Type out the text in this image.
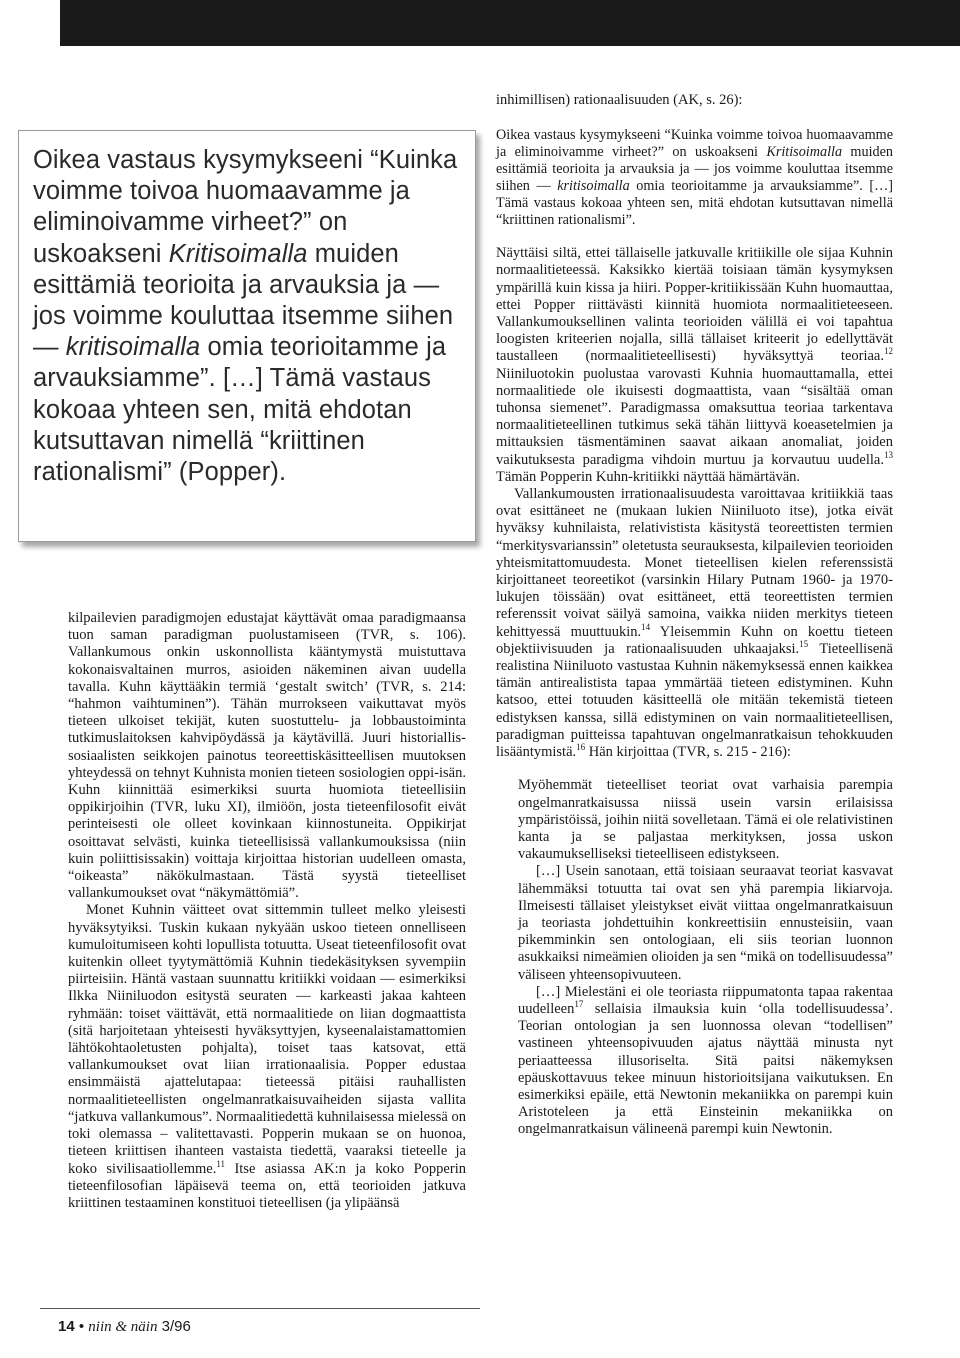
Oikea vastaus kysymykseeni “Kuinka voimme toivoa huomaavamme ja eliminoivamme virheet?” on uskoakseni Kritisoimalla muiden esittämiä teorioita ja arvauksia ja — jos voimme kouluttaa itsemme siihen — kritisoimalla omia teorioitamme ja arvauksiamme”. […] Tämä vastaus kokoaa yhteen sen, mitä ehdotan kutsuttavan nimellä “kriittinen rationalismi” (Popper).

kilpailevien paradigmojen edustajat käyttävät omaa paradigmaansa tuon saman paradigman puolustamiseen (TVR, s. 106). Vallankumous onkin uskonnollista kääntymystä muistuttava kokonaisvaltainen murros, asioiden näkeminen aivan uudella tavalla. Kuhn käyttääkin termiä ‘gestalt switch’ (TVR, s. 214: “hahmon vaihtuminen”). Tähän murrokseen vaikuttavat myös tieteen ulkoiset tekijät, kuten suostuttelu- ja lobbaustoiminta tutkimuslaitoksen kahvipöydässä ja käytävillä. Juuri historiallis-sosiaalisten seikkojen painotus teoreettiskäsitteellisen muutoksen yhteydessä on tehnyt Kuhnista monien tieteen sosiologien oppi-isän. Kuhn kiinnittää esimerkiksi suurta huomiota tieteellisiin oppikirjoihin (TVR, luku XI), ilmiöön, josta tieteenfilosofit eivät perinteisesti ole olleet kovinkaan kiinnostuneita. Oppikirjat osoittavat selvästi, kuinka tieteellisissä vallankumouksissa (niin kuin poliittisissakin) voittaja kirjoittaa historian uudelleen omasta, “oikeasta” näkökulmastaan. Tästä syystä tieteelliset vallankumoukset ovat “näkymättömiä”.

Monet Kuhnin väitteet ovat sittemmin tulleet melko yleisesti hyväksytyiksi. Tuskin kukaan nykyään uskoo tieteen onnelliseen kumuloitumiseen kohti lopullista totuutta. Useat tieteenfilosofit ovat kuitenkin olleet tyytymättömiä Kuhnin tiedekäsityksen syvempiin piirteisiin. Häntä vastaan suunnattu kritiikki voidaan — esimerkiksi Ilkka Niiniluodon esitystä seuraten — karkeasti jakaa kahteen ryhmään: toiset väittävät, että normaalitiede on liian dogmaattista (sitä harjoitetaan yhteisesti hyväksyttyjen, kyseenalaistamattomien lähtökohtaoletusten pohjalta), toiset taas katsovat, että vallankumoukset ovat liian irrationaalisia. Popper edustaa ensimmäistä ajattelutapaa: tieteessä pitäisi rauhallisten normaalitieteellisten ongelmanratkaisuvaiheiden sijasta vallita “jatkuva vallankumous”. Normaalitiedettä kuhnilaisessa mielessä on toki olemassa – valitettavasti. Popperin mukaan se on huonoa, tieteen kriittisen ihanteen vastaista tiedettä, vaaraksi tieteelle ja koko sivilisaatiollemme.$^{11}$ Itse asiassa AK:n ja koko Popperin tieteenfilosofian läpäisevä teema on, että teorioiden jatkuva kriittinen testaaminen konstituoi tieteellisen (ja ylipäänsä

inhimillisen) rationaalisuuden (AK, s. 26):

Oikea vastaus kysymykseeni “Kuinka voimme toivoa huomaavamme ja eliminoivamme virheet?” on uskoakseni Kritisoimalla muiden esittämiä teorioita ja arvauksia ja — jos voimme kouluttaa itsemme siihen — kritisoimalla omia teorioitamme ja arvauksiamme”. […] Tämä vastaus kokoaa yhteen sen, mitä ehdotan kutsuttavan nimellä “kriittinen rationalismi”.

Näyttäisi siltä, ettei tällaiselle jatkuvalle kritiikille ole sijaa Kuhnin normaalitieteessä. Kaksikko kiertää toisiaan tämän kysymyksen ympärillä kuin kissa ja hiiri. Popper-kritiikissään Kuhn huomauttaa, ettei Popper riittävästi kiinnitä huomiota normaalitieteeseen. Vallankumouksellinen valinta teorioiden välillä ei voi tapahtua loogisten kriteerien nojalla, sillä tällaiset kriteerit jo edellyttävät taustalleen (normaalitieteellisesti) hyväksyttyä teoriaa.$^{12}$ Niiniluotokin puolustaa varovasti Kuhnia huomauttamalla, ettei normaalitiede ole ikuisesti dogmaattista, vaan “sisältää oman tuhonsa siemenet”. Paradigmassa omaksuttua teoriaa tarkentava normaalitieteellinen tutkimus sekä tähän liittyvä koeasetelmien ja mittauksien täsmentäminen saavat aikaan anomaliat, joiden vaikutuksesta paradigma vihdoin murtuu ja korvautuu uudella.$^{13}$ Tämän Popperin Kuhn-kritiikki näyttää hämärtävän.

Vallankumousten irrationaalisuudesta varoittavaa kritiikkiä taas ovat esittäneet ne (mukaan lukien Niiniluoto itse), jotka eivät hyväksy kuhnilaista, relativistista käsitystä teoreettisten termien “merkitysvarianssin” oletetusta seurauksesta, kilpailevien teorioiden yhteismitattomuudesta. Monet tieteellisen kielen referenssistä kirjoittaneet teoreetikot (varsinkin Hilary Putnam 1960- ja 1970-lukujen töissään) ovat esittäneet, että teoreettisten termien referenssit voivat säilyä samoina, vaikka niiden merkitys tieteen kehittyessä muuttuukin.$^{14}$ Yleisemmin Kuhn on koettu tieteen objektiivisuuden ja rationaalisuuden uhkaajaksi.$^{15}$ Tieteellisenä realistina Niiniluoto vastustaa Kuhnin näkemyksessä ennen kaikkea tämän antirealistista tapaa ymmärtää tieteen edistyminen. Kuhn katsoo, ettei totuuden käsitteellä ole mitään tekemistä tieteen edistyksen kanssa, sillä edistyminen on vain normaalitieteellisen, paradigman puitteissa tapahtuvan ongelmanratkaisun tehokkuuden lisääntymistä.$^{16}$ Hän kirjoittaa (TVR, s. 215 - 216):

Myöhemmät tieteelliset teoriat ovat varhaisia parempia ongelmanratkaisussa niissä usein varsin erilaisissa ympäristöissä, joihin niitä sovelletaan. Tämä ei ole relativistinen kanta ja se paljastaa merkityksen, jossa uskon vakaumukselliseksi tieteelliseen edistykseen.

[…] Usein sanotaan, että toisiaan seuraavat teoriat kasvavat lähemmäksi totuutta tai ovat sen yhä parempia likiarvoja. Ilmeisesti tällaiset yleistykset eivät viittaa ongelmanratkaisuun ja teoriasta johdettuihin konkreettisiin ennusteisiin, vaan pikemminkin sen ontologiaan, eli siis teorian luonnon asukkaiksi nimeämien olioiden ja sen “mikä on todellisuudessa” väliseen yhteensopivuuteen.

[…] Mielestäni ei ole teoriasta riippumatonta tapaa rakentaa uudelleen$^{17}$ sellaisia ilmauksia kuin ‘olla todellisuudessa’. Teorian ontologian ja sen luonnossa olevan “todellisen” vastineen yhteensopivuuden ajatus näyttää minusta nyt periaatteessa illusoriselta. Sitä paitsi näkemyksen epäuskottavuus tekee minuun historioitsijana vaikutuksen. En esimerkiksi epäile, että Newtonin mekaniikka on parempi kuin Aristoteleen ja että Einsteinin mekaniikka on ongelmanratkaisun välineenä parempi kuin Newtonin.

14 • niin & näin 3/96
